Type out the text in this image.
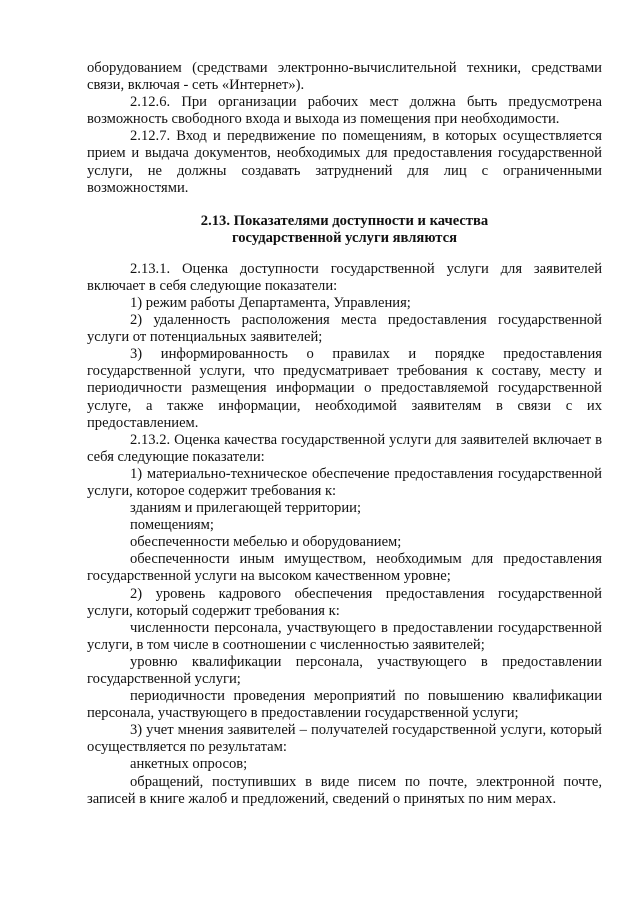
оборудованием (средствами электронно-вычислительной техники, средствами связи, включая - сеть «Интернет»).

2.12.6. При организации рабочих мест должна быть предусмотрена возможность свободного входа и выхода из помещения при необходимости.

2.12.7. Вход и передвижение по помещениям, в которых осуществляется прием и выдача документов, необходимых для предоставления государственной услуги, не должны создавать затруднений для лиц с ограниченными возможностями.

2.13. Показателями доступности и качества
государственной услуги являются

2.13.1. Оценка доступности государственной услуги для заявителей включает в себя следующие показатели:

1) режим работы Департамента, Управления;

2) удаленность расположения места предоставления государственной услуги от потенциальных заявителей;

3) информированность о правилах и порядке предоставления государственной услуги, что предусматривает требования к составу, месту и периодичности размещения информации о предоставляемой государственной услуге, а также информации, необходимой заявителям в связи с их предоставлением.

2.13.2. Оценка качества государственной услуги для заявителей включает в себя следующие показатели:

1) материально-техническое обеспечение предоставления государственной услуги, которое содержит требования к:

зданиям и прилегающей территории;

помещениям;

обеспеченности мебелью и оборудованием;

обеспеченности иным имуществом, необходимым для предоставления государственной услуги на высоком качественном уровне;

2) уровень кадрового обеспечения предоставления государственной услуги, который содержит требования к:

численности персонала, участвующего в предоставлении государственной услуги, в том числе в соотношении с численностью заявителей;

уровню квалификации персонала, участвующего в предоставлении государственной услуги;

периодичности проведения мероприятий по повышению квалификации персонала, участвующего в предоставлении государственной услуги;

3) учет мнения заявителей – получателей государственной услуги, который осуществляется по результатам:

анкетных опросов;

обращений, поступивших в виде писем по почте, электронной почте, записей в книге жалоб и предложений, сведений о принятых по ним мерах.
